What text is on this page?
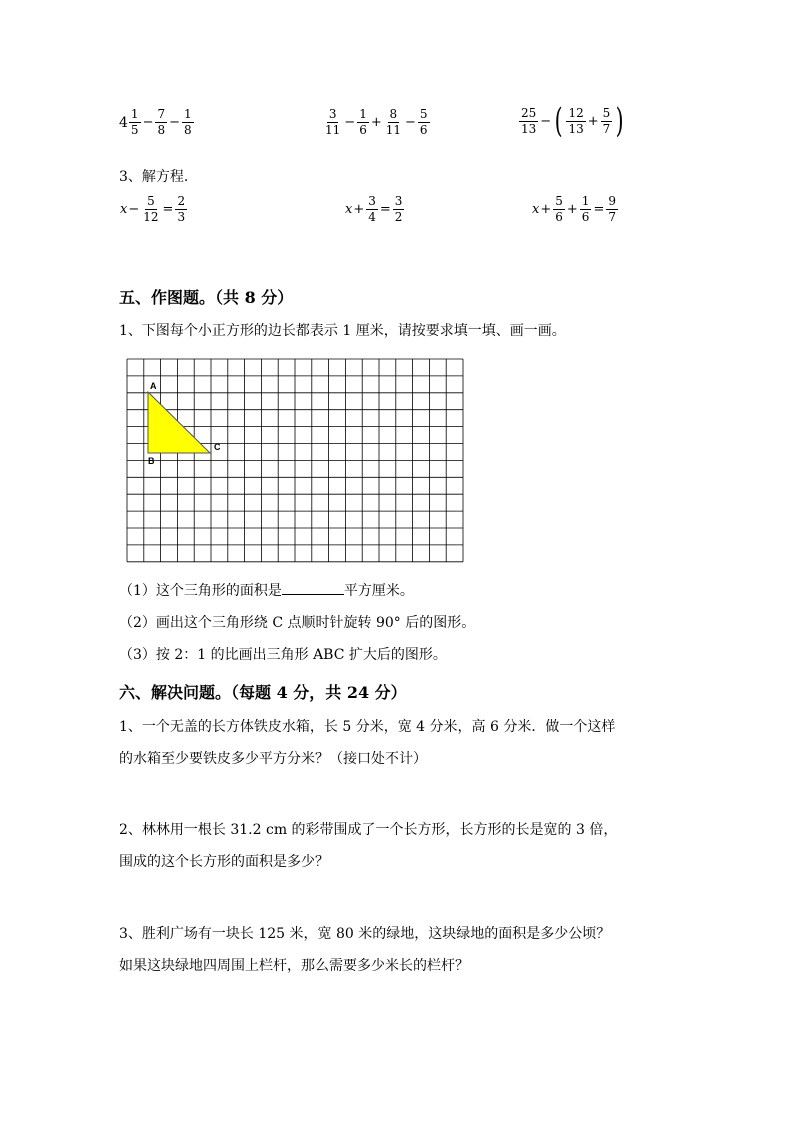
$4 \frac{1}{5} - \frac{7}{8} - \frac{1}{8}$	$\frac{3}{11} - \frac{1}{6} + \frac{8}{11} - \frac{5}{6}$	$\frac{25}{13}$ − ( $\frac{12}{13} + \frac{5}{7}$ )
3、解方程.
$x - \frac{5}{12} = \frac{2}{3}$	$x + \frac{3}{4} = \frac{3}{2}$	$x + \frac{5}{6} + \frac{1}{6} = \frac{9}{7}$
五、作图题。（共 8 分）
1、下图每个小正方形的边长都表示 1 厘米，请按要求填一填、画一画。
A
B
C
（1）这个三角形的面积是	平方厘米。
（2）画出这个三角形绕 C 点顺时针旋转 90° 后的图形。
（3）按 2：1 的比画出三角形 ABC 扩大后的图形。
六、解决问题。（每题 4 分，共 24 分）
1、一个无盖的长方体铁皮水箱，长 5 分米，宽 4 分米，高 6 分米．做一个这样
的水箱至少要铁皮多少平方分米？（接口处不计）
2、林林用一根长 31.2 cm 的彩带围成了一个长方形，长方形的长是宽的 3 倍，
围成的这个长方形的面积是多少？
3、胜利广场有一块长 125 米，宽 80 米的绿地，这块绿地的面积是多少公顷？
如果这块绿地四周围上栏杆，那么需要多少米长的栏杆？
